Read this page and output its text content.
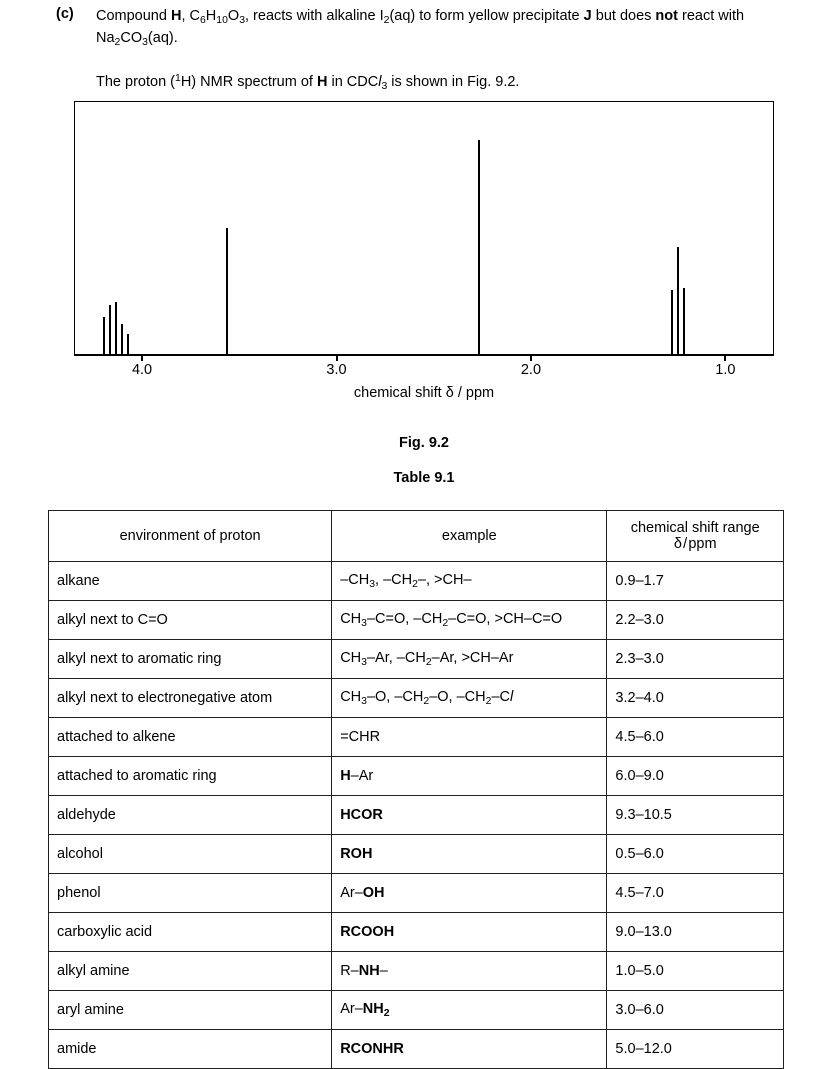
(c)	Compound H, $C_6H_{10}O_3$, reacts with alkaline $I_2(aq)$ to form yellow precipitate J but does not react with $Na_2CO_3(aq)$.
The proton ($^1$H) NMR spectrum of H in CDCl$_3$ is shown in Fig. 9.2.
4.0	3.0	2.0	1.0
chemical shift δ / ppm
Fig. 9.2
Table 9.1
environment of proton	example	chemical shift range
δ / ppm
alkane	$-CH_3$, $-CH_2-$, >CH–	0.9–1.7
alkyl next to C=O	$CH_3-C=O$, $-CH_2-C=O$, >CH–C=O	2.2–3.0
alkyl next to aromatic ring	$CH_3-Ar$, $-CH_2-Ar$, >CH–Ar	2.3–3.0
alkyl next to electronegative atom	$CH_3-O$, $-CH_2-O$, $-CH_2-Cl$	3.2–4.0
attached to alkene	=CHR	4.5–6.0
attached to aromatic ring	H–Ar	6.0–9.0
aldehyde	HCOR	9.3–10.5
alcohol	ROH	0.5–6.0
phenol	Ar–OH	4.5–7.0
carboxylic acid	RCOOH	9.0–13.0
alkyl amine	R–NH–	1.0–5.0
aryl amine	$Ar-NH_2$	3.0–6.0
amide	RCONHR	5.0–12.0
